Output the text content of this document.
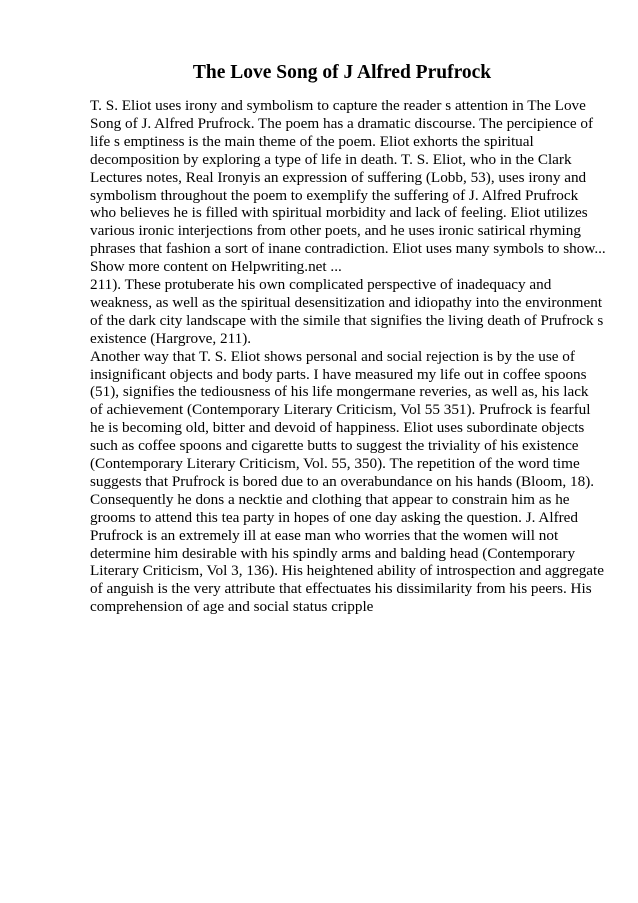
The Love Song of J Alfred Prufrock

T. S. Eliot uses irony and symbolism to capture the reader s attention in The Love

Song of J. Alfred Prufrock. The poem has a dramatic discourse. The percipience of

life s emptiness is the main theme of the poem. Eliot exhorts the spiritual

decomposition by exploring a type of life in death. T. S. Eliot, who in the Clark

Lectures notes, Real Ironyis an expression of suffering (Lobb, 53), uses irony and

symbolism throughout the poem to exemplify the suffering of J. Alfred Prufrock

who believes he is filled with spiritual morbidity and lack of feeling. Eliot utilizes

various ironic interjections from other poets, and he uses ironic satirical rhyming

phrases that fashion a sort of inane contradiction. Eliot uses many symbols to show...

Show more content on Helpwriting.net ...

211). These protuberate his own complicated perspective of inadequacy and

weakness, as well as the spiritual desensitization and idiopathy into the environment

of the dark city landscape with the simile that signifies the living death of Prufrock s

existence (Hargrove, 211).

Another way that T. S. Eliot shows personal and social rejection is by the use of

insignificant objects and body parts. I have measured my life out in coffee spoons

(51), signifies the tediousness of his life mongermane reveries, as well as, his lack

of achievement (Contemporary Literary Criticism, Vol 55 351). Prufrock is fearful

he is becoming old, bitter and devoid of happiness. Eliot uses subordinate objects

such as coffee spoons and cigarette butts to suggest the triviality of his existence

(Contemporary Literary Criticism, Vol. 55, 350). The repetition of the word time

suggests that Prufrock is bored due to an overabundance on his hands (Bloom, 18).

Consequently he dons a necktie and clothing that appear to constrain him as he

grooms to attend this tea party in hopes of one day asking the question. J. Alfred

Prufrock is an extremely ill at ease man who worries that the women will not

determine him desirable with his spindly arms and balding head (Contemporary

Literary Criticism, Vol 3, 136). His heightened ability of introspection and aggregate

of anguish is the very attribute that effectuates his dissimilarity from his peers. His

comprehension of age and social status cripple
